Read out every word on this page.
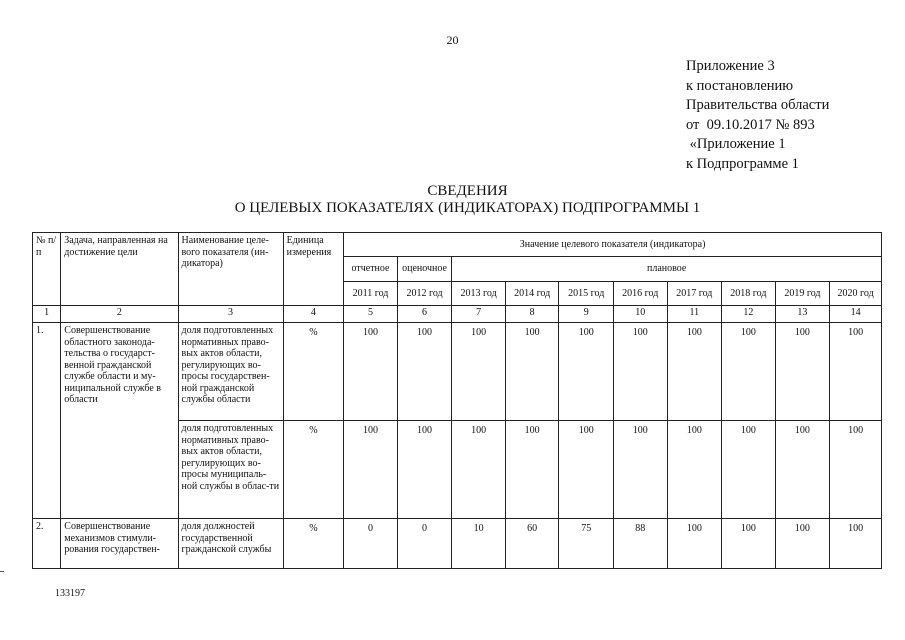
20
Приложение 3
к постановлению
Правительства области
от  09.10.2017 № 893
«Приложение 1
к Подпрограмме 1
СВЕДЕНИЯ
О ЦЕЛЕВЫХ ПОКАЗАТЕЛЯХ (ИНДИКАТОРАХ) ПОДПРОГРАММЫ 1
№ п/п	Задача, направленная на достижение цели	Наименование целе-вого показателя (ин-дикатора)	Единица измерения	Значение целевого показателя (индикатора)									
				отчетное	оценочное	плановое							
				2011 год	2012 год	2013 год	2014 год	2015 год	2016 год	2017 год	2018 год	2019 год	2020 год
1	2	3	4	5	6	7	8	9	10	11	12	13	14
1.	Совершенствование областного законода-тельства о государст-венной гражданской службе области и му-ниципальной службе в области	доля подготовленных нормативных право-вых актов области, регулирующих во-просы государствен-ной гражданской службы области	%	100	100	100	100	100	100	100	100	100	100
		доля подготовленных нормативных право-вых актов области, регулирующих во-просы муниципаль-ной службы в облас-ти	%	100	100	100	100	100	100	100	100	100	100
2.	Совершенствование механизмов стимули-рования государствен-	доля должностей государственной гражданской службы	%	0	0	10	60	75	88	100	100	100	100
133197
